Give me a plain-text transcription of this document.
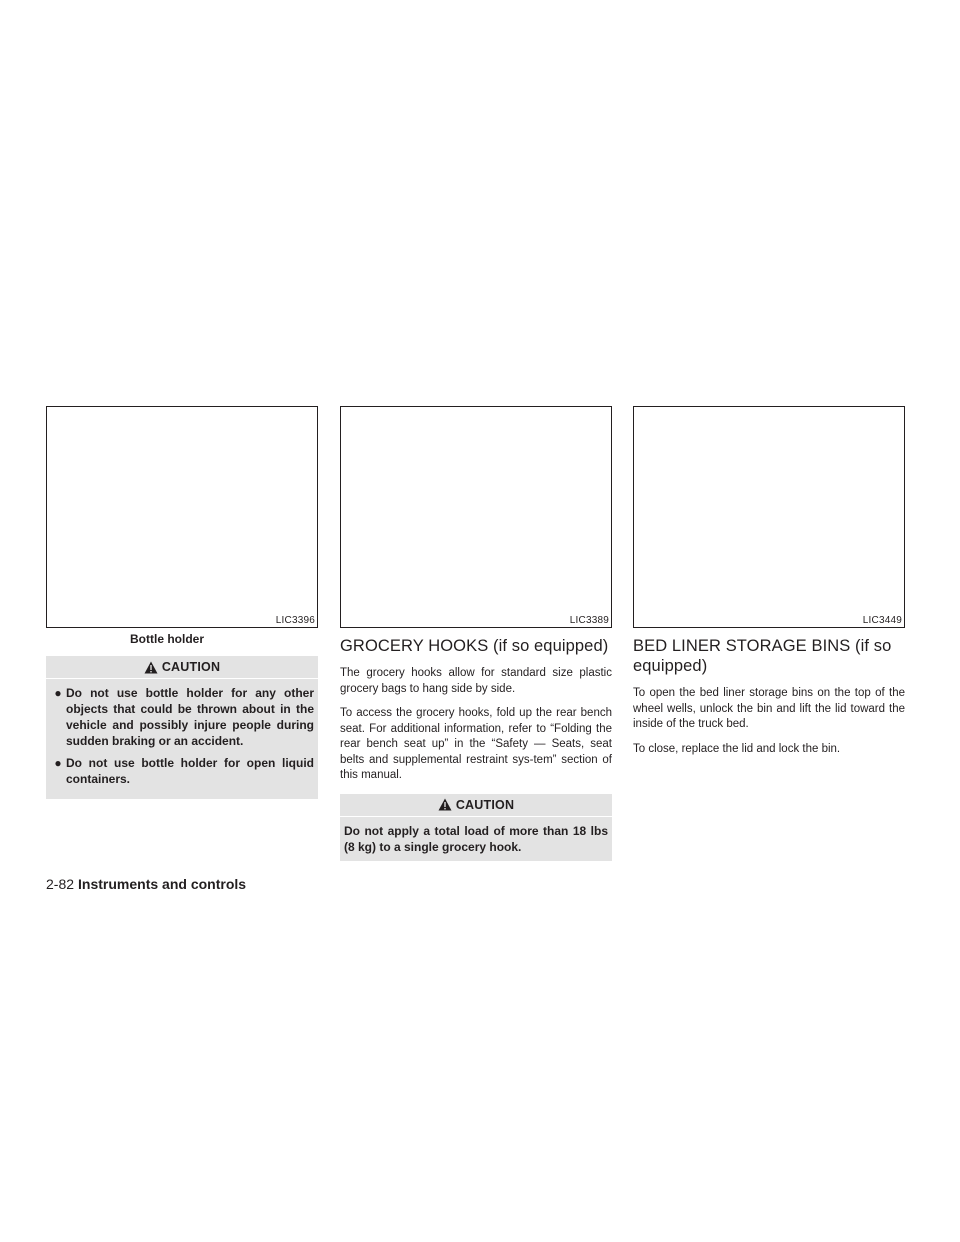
LIC3396
Bottle holder
CAUTION
● Do not use bottle holder for any other objects that could be thrown about in the vehicle and possibly injure people during sudden braking or an accident.
● Do not use bottle holder for open liquid containers.
LIC3389
GROCERY HOOKS (if so equipped)

The grocery hooks allow for standard size plastic grocery bags to hang side by side.

To access the grocery hooks, fold up the rear bench seat. For additional information, refer to “Folding the rear bench seat up” in the “Safety — Seats, seat belts and supplemental restraint sys-tem” section of this manual.

CAUTION
Do not apply a total load of more than 18 lbs (8 kg) to a single grocery hook.
LIC3449
BED LINER STORAGE BINS (if so equipped)

To open the bed liner storage bins on the top of the wheel wells, unlock the bin and lift the lid toward the inside of the truck bed.

To close, replace the lid and lock the bin.

2-82 Instruments and controls
